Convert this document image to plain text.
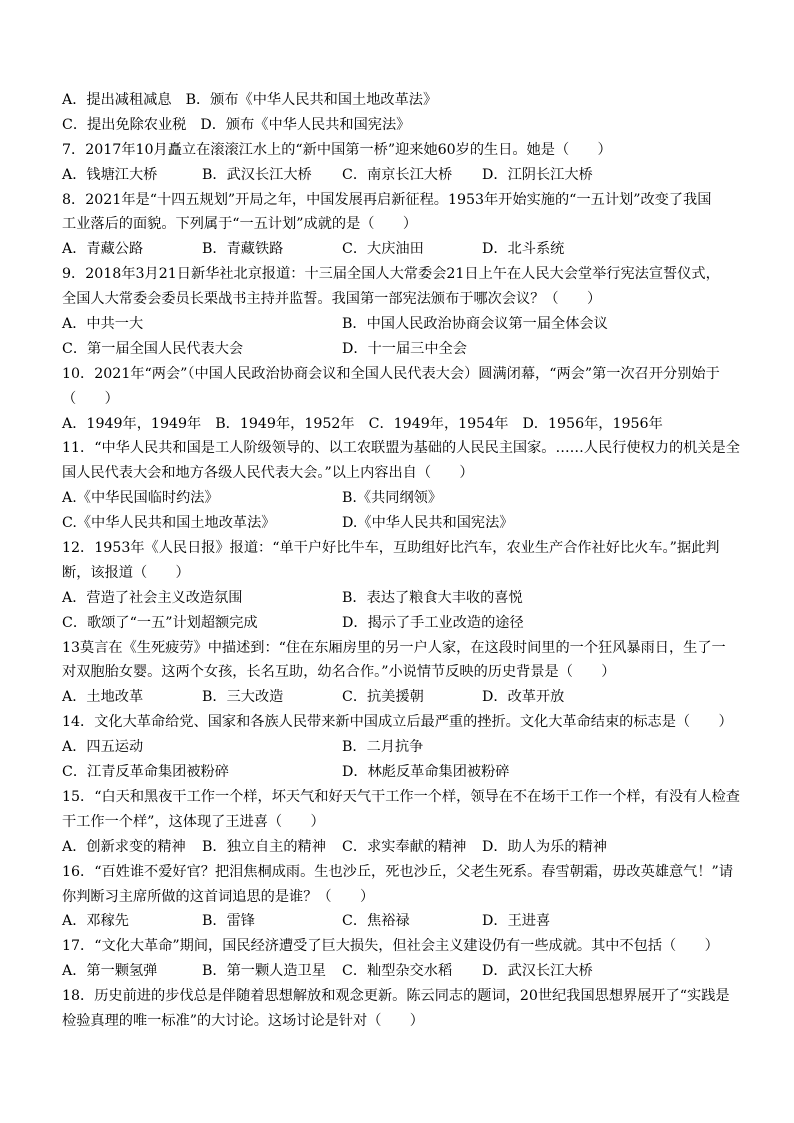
A．提出减租减息 B．颁布《中华人民共和国土地改革法》
C．提出免除农业税 D．颁布《中华人民共和国宪法》
7．2017年10月矗立在滚滚江水上的“新中国第一桥”迎来她60岁的生日。她是（　　）
A．钱塘江大桥	B．武汉长江大桥	C．南京长江大桥	D．江阴长江大桥
8．2021年是“十四五规划”开局之年，中国发展再启新征程。1953年开始实施的“一五计划”改变了我国
工业落后的面貌。下列属于“一五计划”成就的是（　　）
A．青藏公路	B．青藏铁路	C．大庆油田	D．北斗系统
9．2018年3月21日新华社北京报道：十三届全国人大常委会21日上午在人民大会堂举行宪法宣誓仪式，
全国人大常委会委员长栗战书主持并监誓。我国第一部宪法颁布于哪次会议？（　　）
A．中共一大	B．中国人民政治协商会议第一届全体会议
C．第一届全国人民代表大会	D．十一届三中全会
10．2021年“两会”（中国人民政治协商会议和全国人民代表大会）圆满闭幕，“两会”第一次召开分别始于
（　　）
A．1949年，1949年 B．1949年，1952年 C．1949年，1954年 D．1956年，1956年
11．“中华人民共和国是工人阶级领导的、以工农联盟为基础的人民民主国家。……人民行使权力的机关是全
国人民代表大会和地方各级人民代表大会。”以上内容出自（　　）
A.《中华民国临时约法》	B.《共同纲领》
C.《中华人民共和国土地改革法》	D.《中华人民共和国宪法》
12．1953年《人民日报》报道：“单干户好比牛车，互助组好比汽车，农业生产合作社好比火车。”据此判
断，该报道（　　）
A．营造了社会主义改造氛围	B．表达了粮食大丰收的喜悦
C．歌颂了“一五”计划超额完成	D．揭示了手工业改造的途径
13莫言在《生死疲劳》中描述到：“住在东厢房里的另一户人家，在这段时间里的一个狂风暴雨日，生了一
对双胞胎女婴。这两个女孩，长名互助，幼名合作。”小说情节反映的历史背景是（　　）
A．土地改革	B．三大改造	C．抗美援朝	D．改革开放
14．文化大革命给党、国家和各族人民带来新中国成立后最严重的挫折。文化大革命结束的标志是（　　）
A．四五运动	B．二月抗争
C．江青反革命集团被粉碎	D．林彪反革命集团被粉碎
15．“白天和黑夜干工作一个样，坏天气和好天气干工作一个样，领导在不在场干工作一个样，有没有人检查
干工作一个样”，这体现了王进喜（　　）
A．创新求变的精神	B．独立自主的精神	C．求实奉献的精神	D．助人为乐的精神
16．“百姓谁不爱好官？把泪焦桐成雨。生也沙丘，死也沙丘，父老生死系。春雪朝霜，毋改英雄意气！”请
你判断习主席所做的这首词追思的是谁？（　　）
A．邓稼先	B．雷锋	C．焦裕禄	D．王进喜
17．“文化大革命”期间，国民经济遭受了巨大损失，但社会主义建设仍有一些成就。其中不包括（　　）
A．第一颗氢弹	B．第一颗人造卫星	C．籼型杂交水稻	D．武汉长江大桥
18．历史前进的步伐总是伴随着思想解放和观念更新。陈云同志的题词，20世纪我国思想界展开了“实践是
检验真理的唯一标准”的大讨论。这场讨论是针对（　　）
